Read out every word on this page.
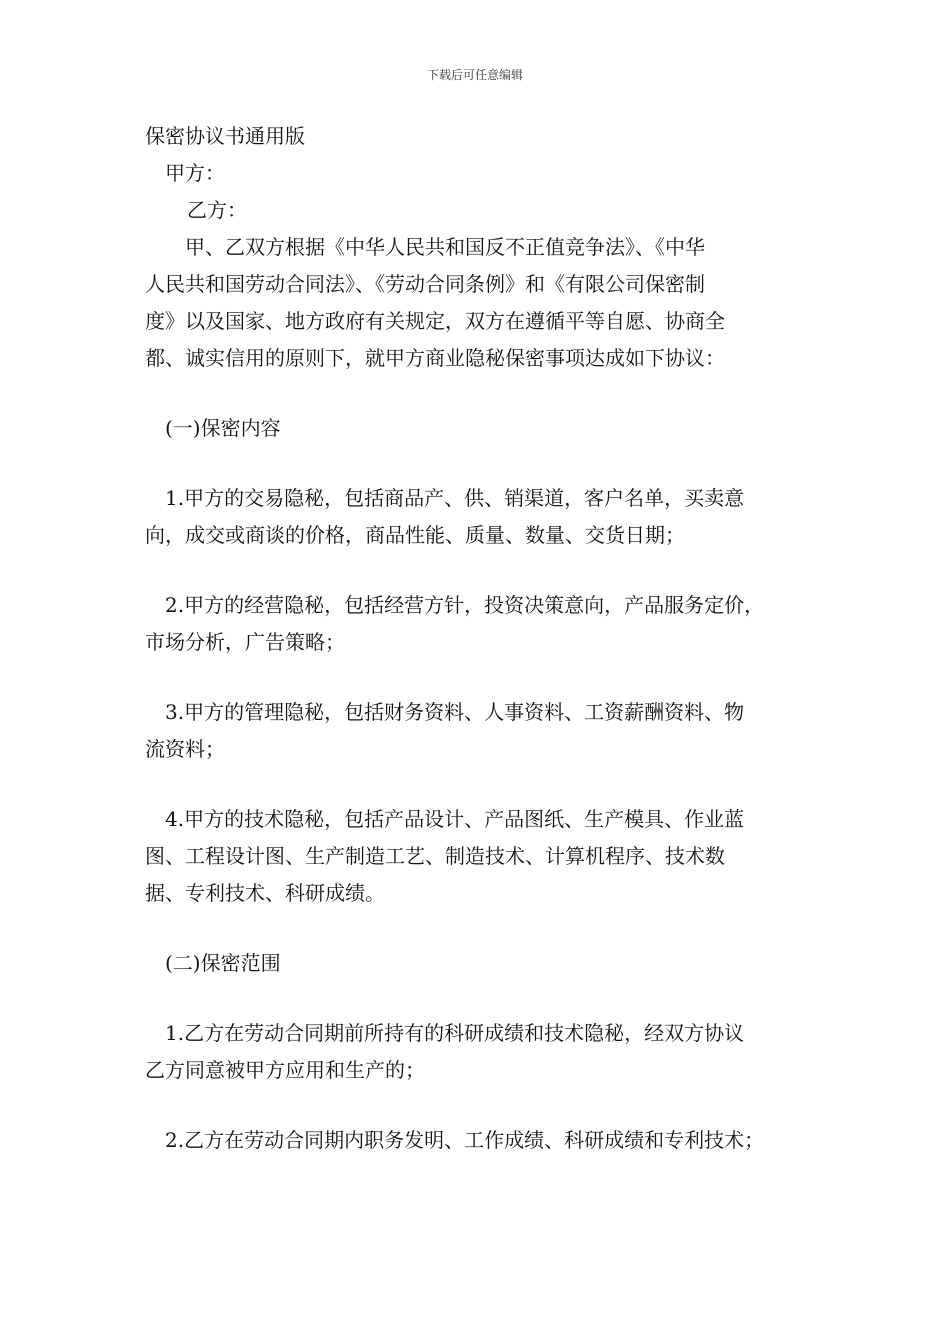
下载后可任意编辑

保密协议书通用版

甲方：

乙方：

　　甲、乙双方根据《中华人民共和国反不正值竞争法》、《中华

人民共和国劳动合同法》、《劳动合同条例》和《有限公司保密制

度》以及国家、地方政府有关规定，双方在遵循平等自愿、协商全

都、诚实信用的原则下，就甲方商业隐秘保密事项达成如下协议：

(一)保密内容

1.甲方的交易隐秘，包括商品产、供、销渠道，客户名单，买卖意

向，成交或商谈的价格，商品性能、质量、数量、交货日期；

2.甲方的经营隐秘，包括经营方针，投资决策意向，产品服务定价，

市场分析，广告策略；

3.甲方的管理隐秘，包括财务资料、人事资料、工资薪酬资料、物

流资料；

4.甲方的技术隐秘，包括产品设计、产品图纸、生产模具、作业蓝

图、工程设计图、生产制造工艺、制造技术、计算机程序、技术数

据、专利技术、科研成绩。

(二)保密范围

1.乙方在劳动合同期前所持有的科研成绩和技术隐秘，经双方协议

乙方同意被甲方应用和生产的；

2.乙方在劳动合同期内职务发明、工作成绩、科研成绩和专利技术；
